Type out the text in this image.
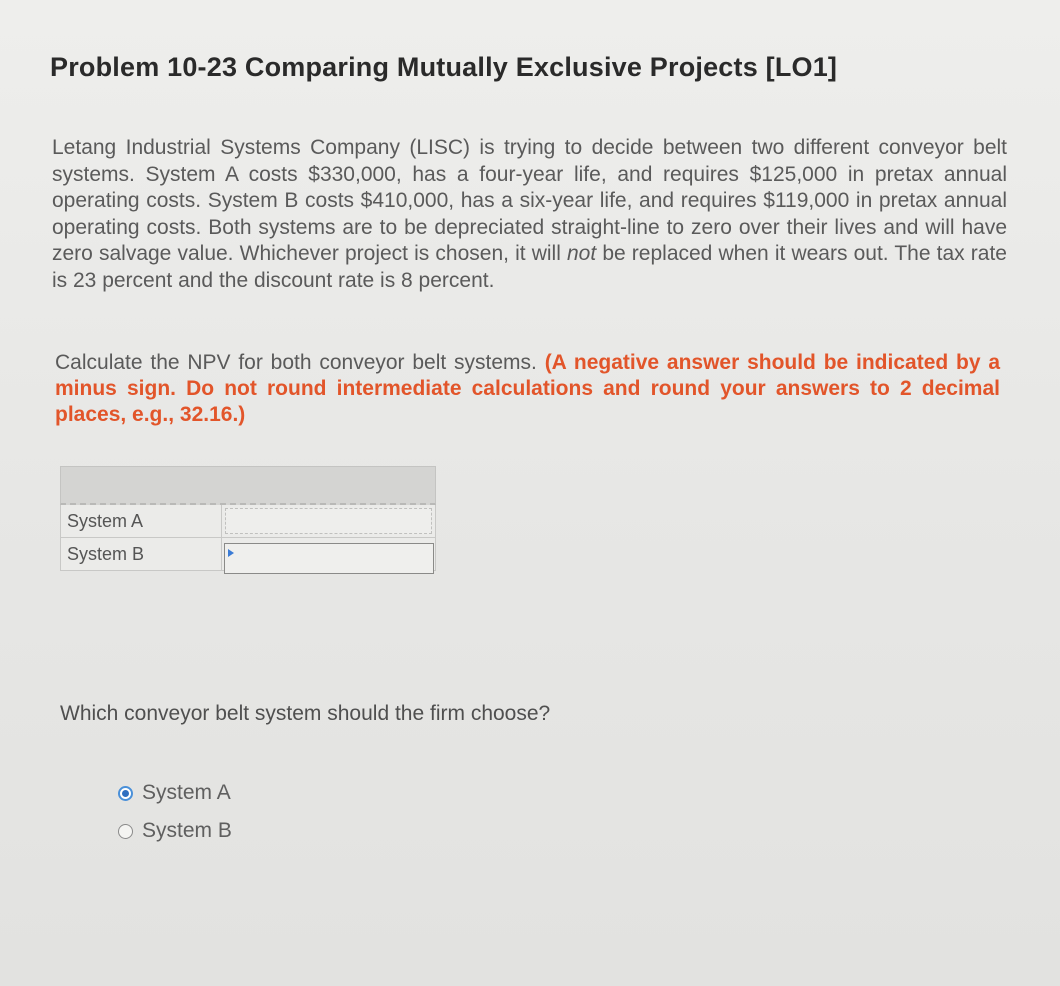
Problem 10-23 Comparing Mutually Exclusive Projects [LO1]
Letang Industrial Systems Company (LISC) is trying to decide between two different conveyor belt systems. System A costs $330,000, has a four-year life, and requires $125,000 in pretax annual operating costs. System B costs $410,000, has a six-year life, and requires $119,000 in pretax annual operating costs. Both systems are to be depreciated straight-line to zero over their lives and will have zero salvage value. Whichever project is chosen, it will not be replaced when it wears out. The tax rate is 23 percent and the discount rate is 8 percent.
Calculate the NPV for both conveyor belt systems. (A negative answer should be indicated by a minus sign. Do not round intermediate calculations and round your answers to 2 decimal places, e.g., 32.16.)
System A
System B
Which conveyor belt system should the firm choose?
System A
System B
